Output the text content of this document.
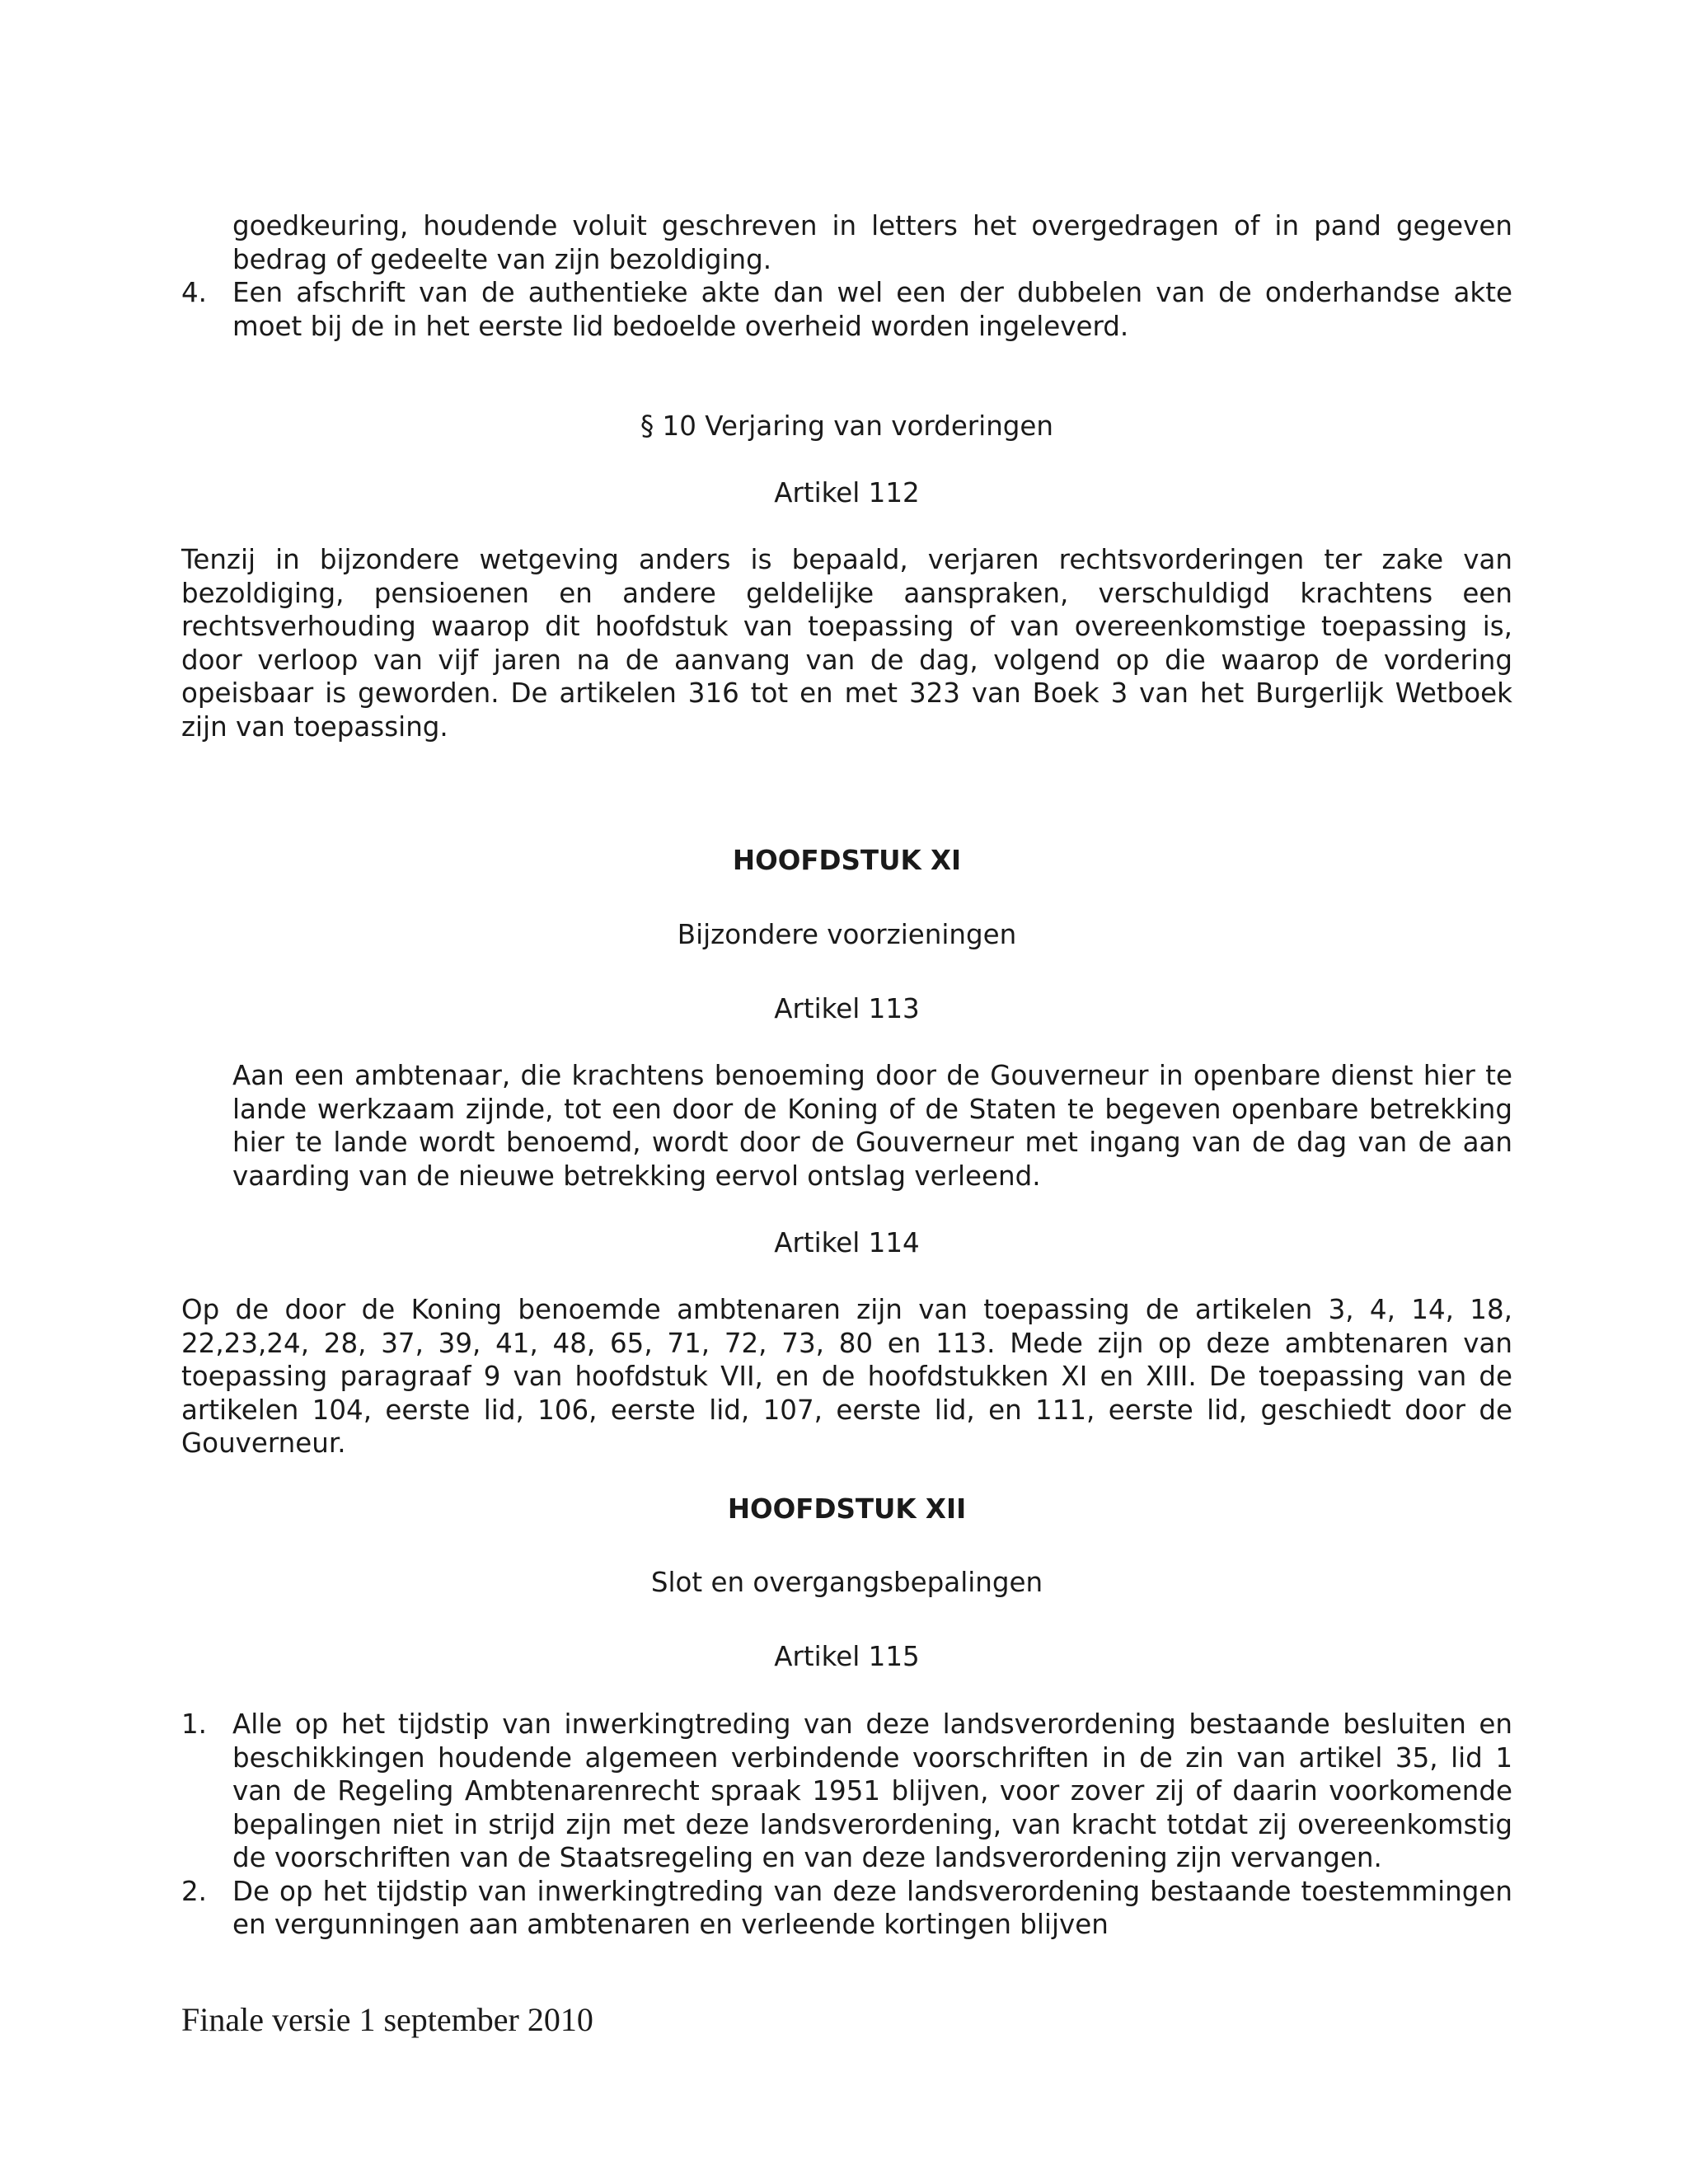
goedkeuring, houdende voluit geschreven in letters het overgedragen of in pand gegeven bedrag of gedeelte van zijn bezoldiging.

4. Een afschrift van de authentieke akte dan wel een der dubbelen van de onderhandse akte moet bij de in het eerste lid bedoelde overheid worden ingeleverd.
§ 10 Verjaring van vorderingen
Artikel 112

Tenzij in bijzondere wetgeving anders is bepaald, verjaren rechtsvorderingen ter zake van bezoldiging, pensioenen en andere geldelijke aanspraken, verschuldigd krachtens een rechtsverhouding waarop dit hoofdstuk van toepassing of van overeenkomstige toepassing is, door verloop van vijf jaren na de aanvang van de dag, volgend op die waarop de vordering opeisbaar is geworden. De artikelen 316 tot en met 323 van Boek 3 van het Burgerlijk Wetboek zijn van toepassing.

HOOFDSTUK XI
Bijzondere voorzieningen
Artikel 113

Aan een ambtenaar, die krachtens benoeming door de Gouverneur in openbare dienst hier te lande werkzaam zijnde, tot een door de Koning of de Staten te begeven openbare betrekking hier te lande wordt benoemd, wordt door de Gouverneur met ingang van de dag van de aan vaarding van de nieuwe betrekking eervol ontslag verleend.

Artikel 114

Op de door de Koning benoemde ambtenaren zijn van toepassing de artikelen 3, 4, 14, 18, 22,23,24, 28, 37, 39, 41, 48, 65, 71, 72, 73, 80 en 113. Mede zijn op deze ambtenaren van toepassing paragraaf 9 van hoofdstuk VII, en de hoofdstukken XI en XIII. De toepassing van de artikelen 104, eerste lid, 106, eerste lid, 107, eerste lid, en 111, eerste lid, geschiedt door de Gouverneur.

HOOFDSTUK XII
Slot en overgangsbepalingen
Artikel 115
1. Alle op het tijdstip van inwerkingtreding van deze landsverordening bestaande besluiten en beschikkingen houdende algemeen verbindende voorschriften in de zin van artikel 35, lid 1 van de Regeling Ambtenarenrecht spraak 1951 blijven, voor zover zij of daarin voorkomende bepalingen niet in strijd zijn met deze landsverordening, van kracht totdat zij overeenkomstig de voorschriften van de Staatsregeling en van deze landsverordening zijn vervangen.
2. De op het tijdstip van inwerkingtreding van deze landsverordening bestaande toestemmingen en vergunningen aan ambtenaren en verleende kortingen blijven
Finale versie 1 september 2010
